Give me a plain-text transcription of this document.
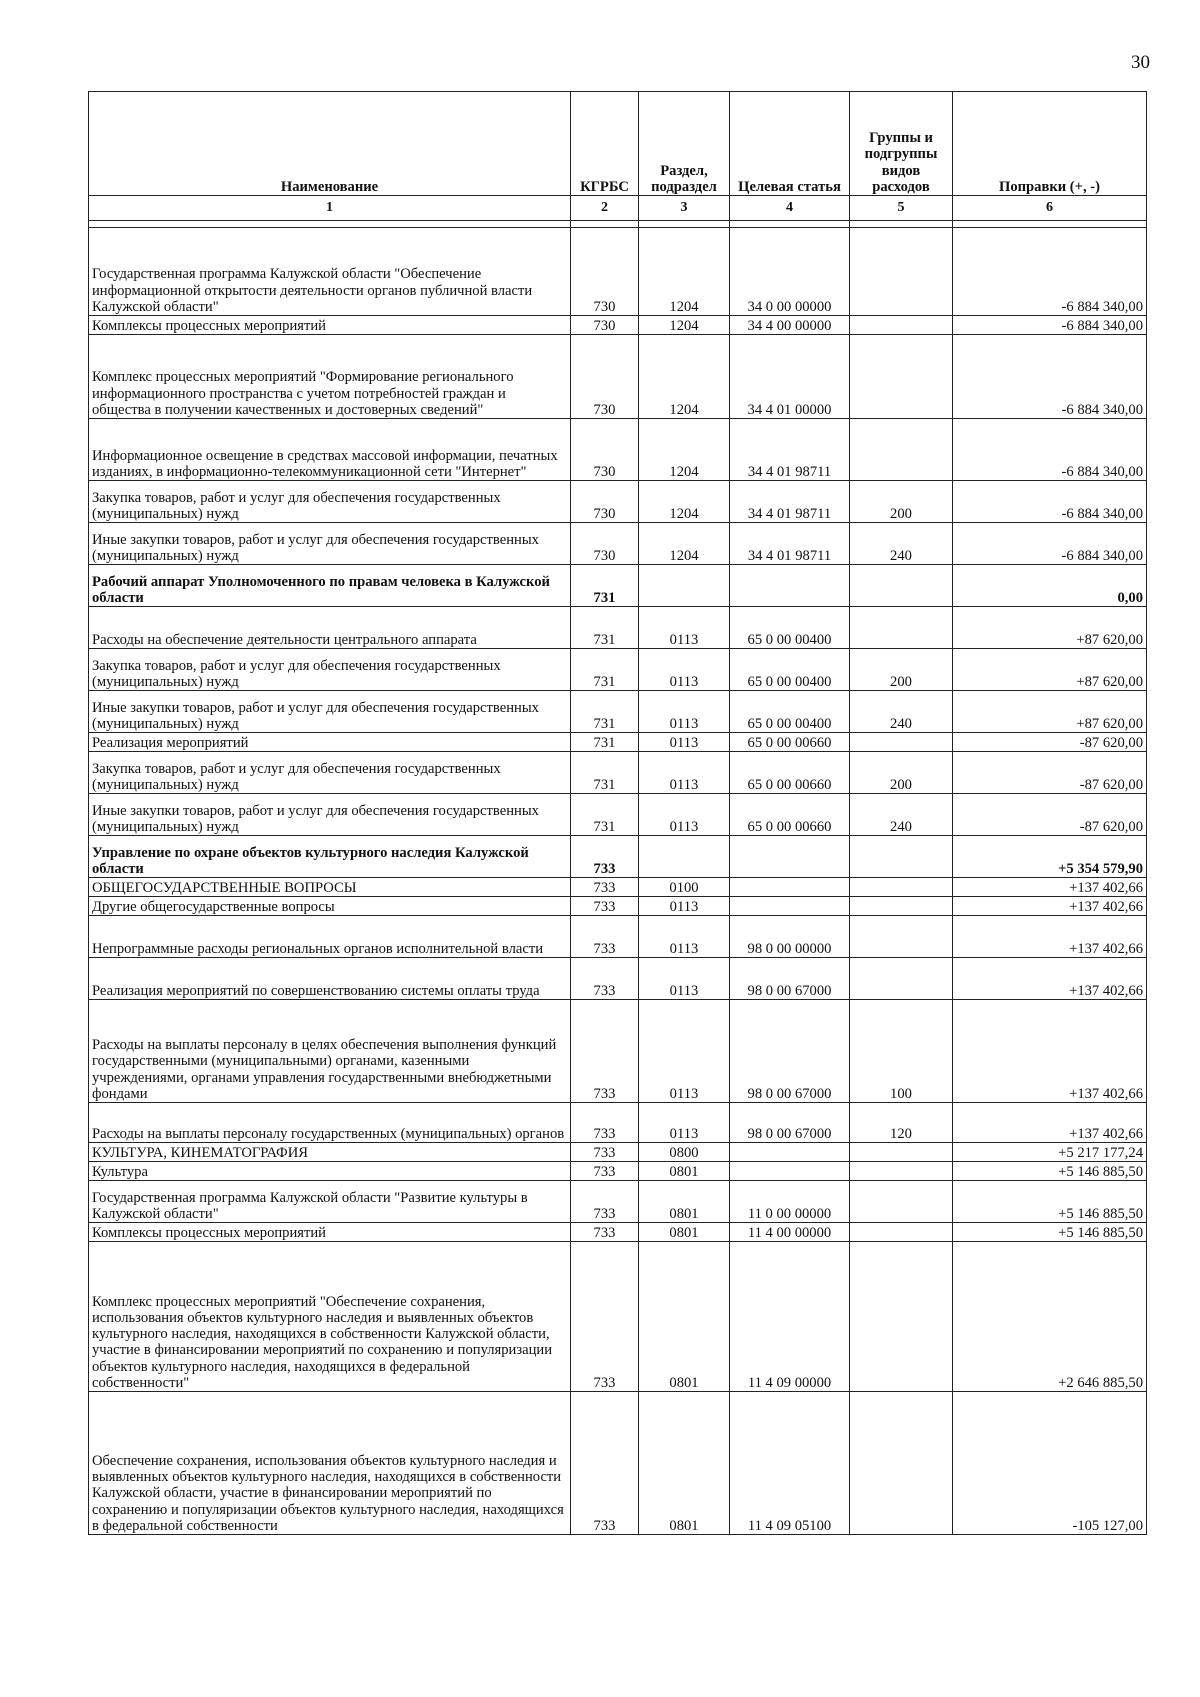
30
Наименование	КГРБС	Раздел, подраздел	Целевая статья	Группы и подгруппы видов расходов	Поправки (+, -)
1	2	3	4	5	6

Государственная программа Калужской области "Обеспечение информационной открытости деятельности органов публичной власти Калужской области"	730	1204	34 0 00 00000		-6 884 340,00
Комплексы процессных мероприятий	730	1204	34 4 00 00000		-6 884 340,00
Комплекс процессных мероприятий "Формирование регионального информационного пространства с учетом потребностей граждан и общества в получении качественных и достоверных сведений"	730	1204	34 4 01 00000		-6 884 340,00
Информационное освещение в средствах массовой информации, печатных изданиях, в информационно-телекоммуникационной сети "Интернет"	730	1204	34 4 01 98711		-6 884 340,00
Закупка товаров, работ и услуг для обеспечения государственных (муниципальных) нужд	730	1204	34 4 01 98711	200	-6 884 340,00
Иные закупки товаров, работ и услуг для обеспечения государственных (муниципальных) нужд	730	1204	34 4 01 98711	240	-6 884 340,00
Рабочий аппарат Уполномоченного по правам человека в Калужской области	731				0,00
Расходы на обеспечение деятельности центрального аппарата	731	0113	65 0 00 00400		+87 620,00
Закупка товаров, работ и услуг для обеспечения государственных (муниципальных) нужд	731	0113	65 0 00 00400	200	+87 620,00
Иные закупки товаров, работ и услуг для обеспечения государственных (муниципальных) нужд	731	0113	65 0 00 00400	240	+87 620,00
Реализация мероприятий	731	0113	65 0 00 00660		-87 620,00
Закупка товаров, работ и услуг для обеспечения государственных (муниципальных) нужд	731	0113	65 0 00 00660	200	-87 620,00
Иные закупки товаров, работ и услуг для обеспечения государственных (муниципальных) нужд	731	0113	65 0 00 00660	240	-87 620,00
Управление по охране объектов культурного наследия Калужской области	733				+5 354 579,90
ОБЩЕГОСУДАРСТВЕННЫЕ ВОПРОСЫ	733	0100			+137 402,66
Другие общегосударственные вопросы	733	0113			+137 402,66
Непрограммные расходы региональных органов исполнительной власти	733	0113	98 0 00 00000		+137 402,66
Реализация мероприятий по совершенствованию системы оплаты труда	733	0113	98 0 00 67000		+137 402,66
Расходы на выплаты персоналу в целях обеспечения выполнения функций государственными (муниципальными) органами, казенными учреждениями, органами управления государственными внебюджетными фондами	733	0113	98 0 00 67000	100	+137 402,66
Расходы на выплаты персоналу государственных (муниципальных) органов	733	0113	98 0 00 67000	120	+137 402,66
КУЛЬТУРА, КИНЕМАТОГРАФИЯ	733	0800			+5 217 177,24
Культура	733	0801			+5 146 885,50
Государственная программа Калужской области "Развитие культуры в Калужской области"	733	0801	11 0 00 00000		+5 146 885,50
Комплексы процессных мероприятий	733	0801	11 4 00 00000		+5 146 885,50
Комплекс процессных мероприятий "Обеспечение сохранения, использования объектов культурного наследия и выявленных объектов культурного наследия, находящихся в собственности Калужской области, участие в финансировании мероприятий по сохранению и популяризации объектов культурного наследия, находящихся в федеральной собственности"	733	0801	11 4 09 00000		+2 646 885,50
Обеспечение сохранения, использования объектов культурного наследия и выявленных объектов культурного наследия, находящихся в собственности Калужской области, участие в финансировании мероприятий по сохранению и популяризации объектов культурного наследия, находящихся в федеральной собственности	733	0801	11 4 09 05100		-105 127,00
